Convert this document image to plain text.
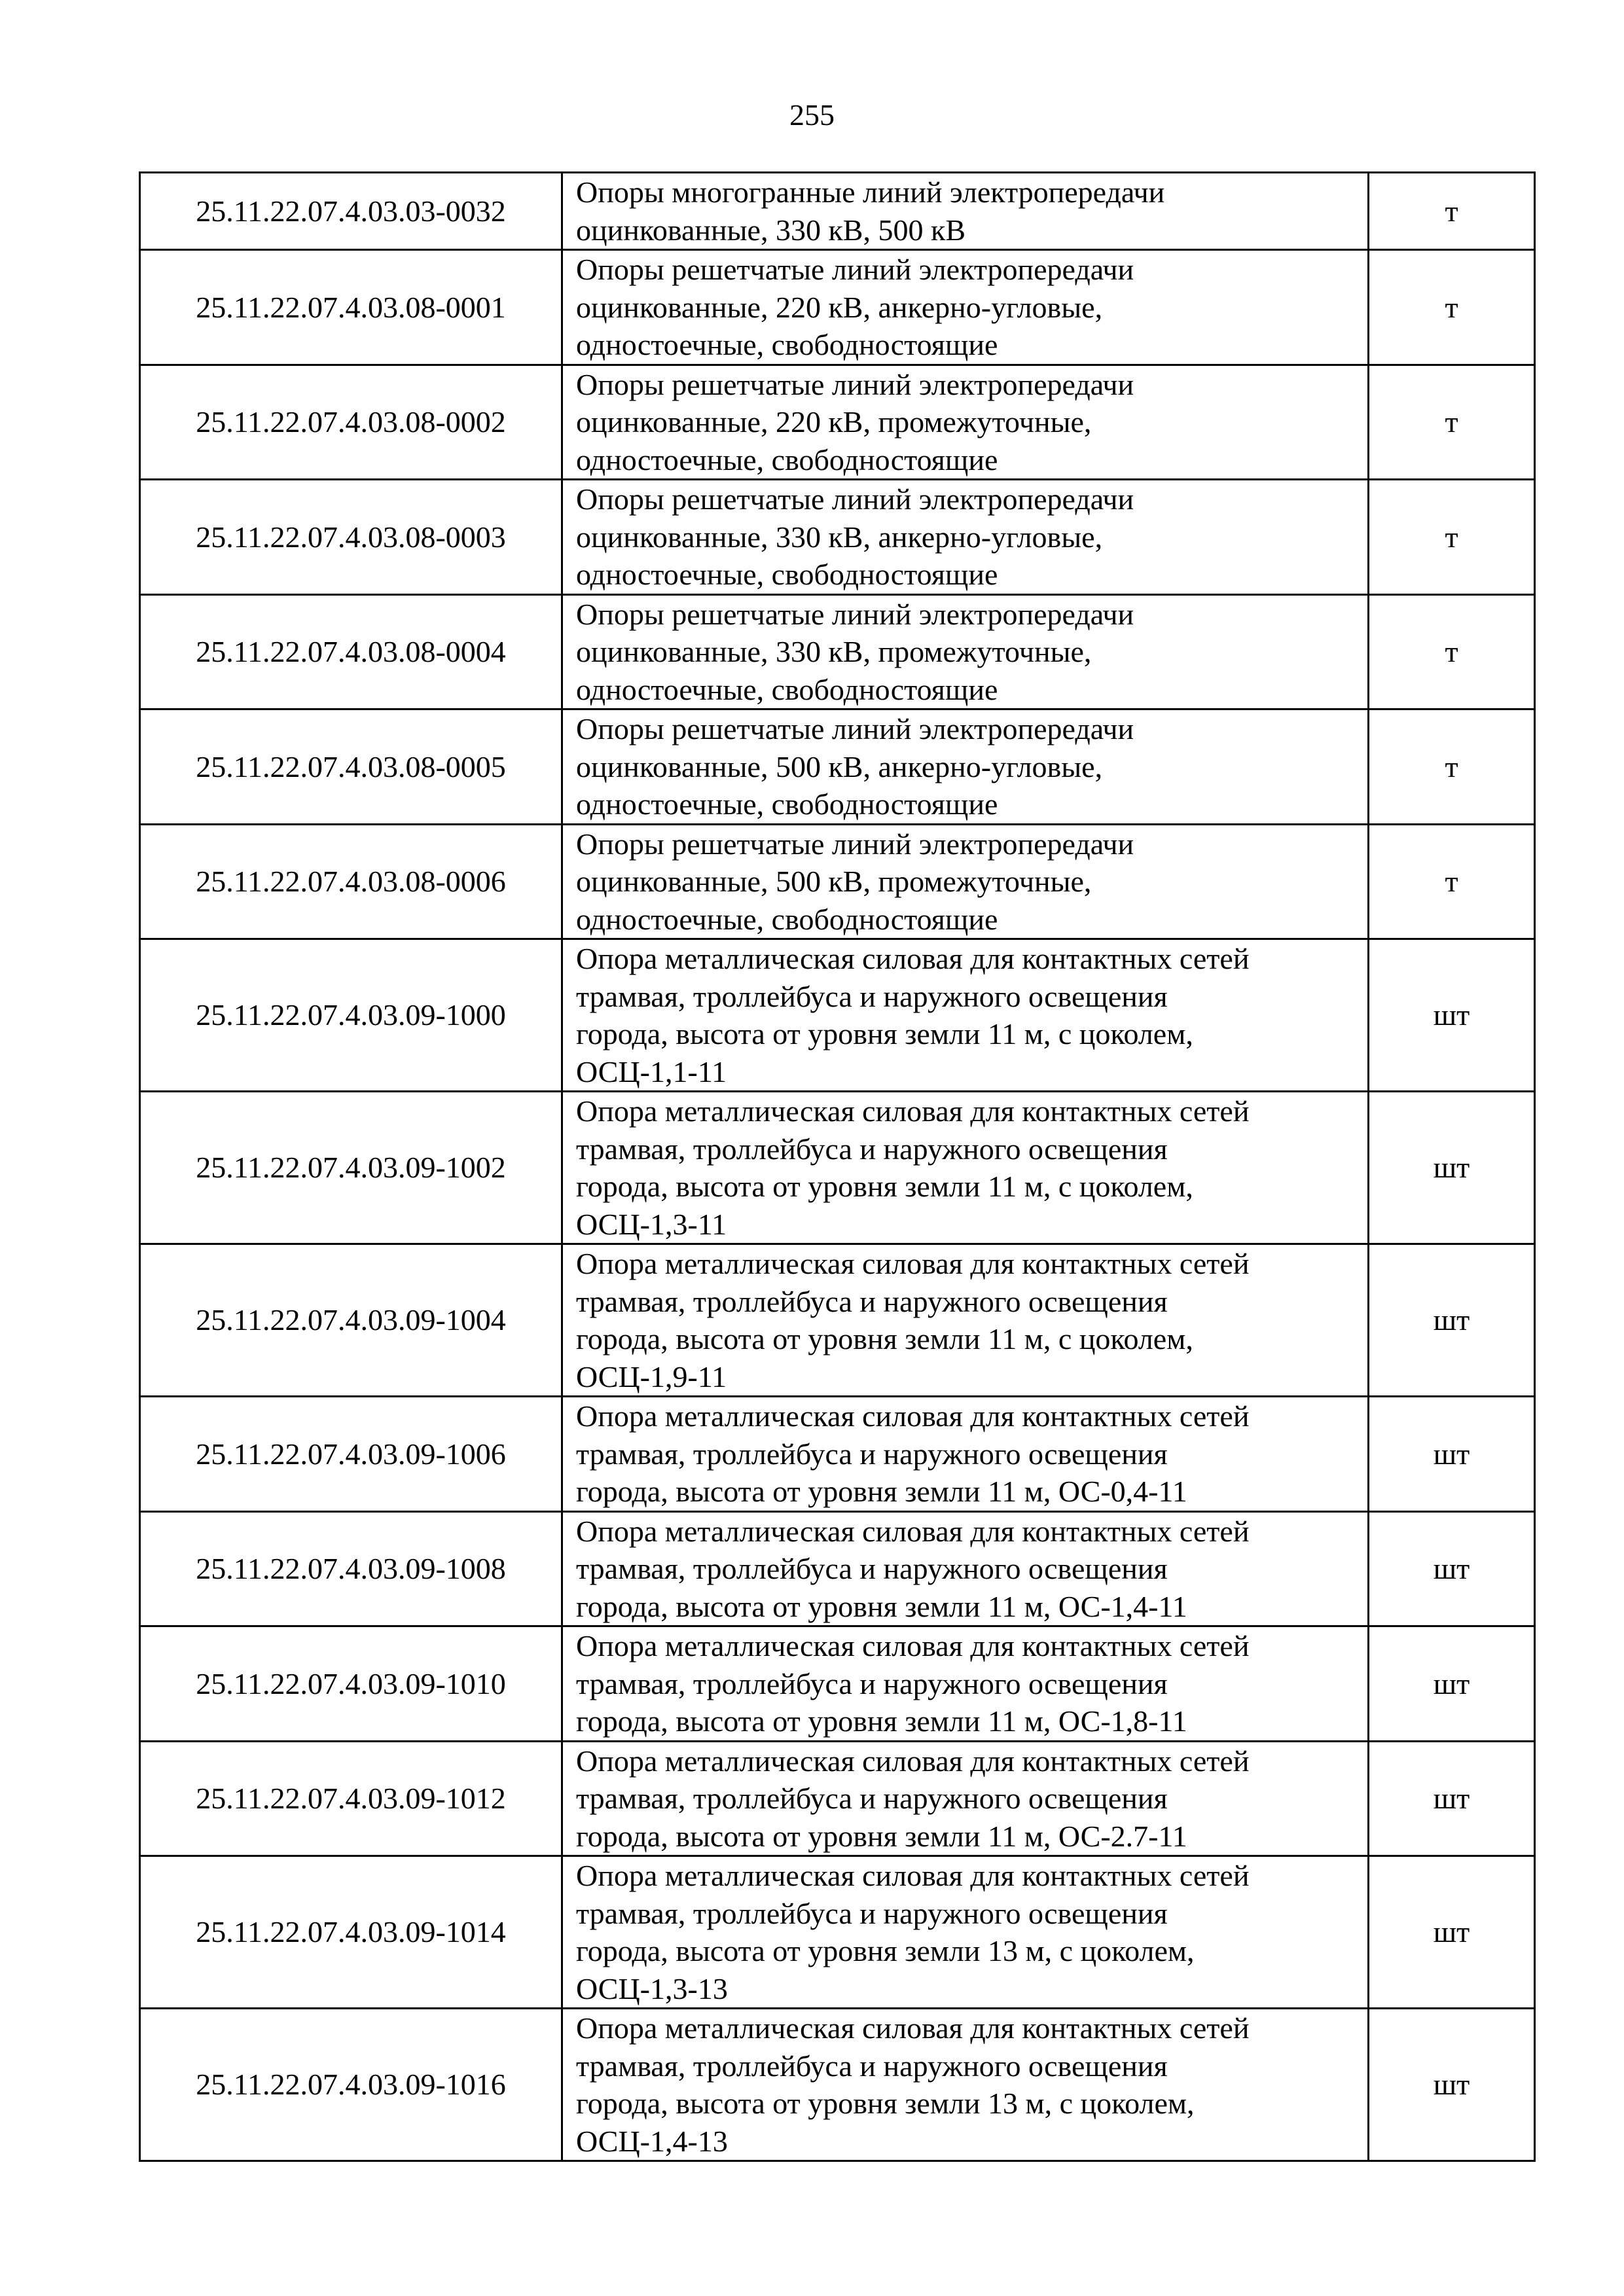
255
25.11.22.07.4.03.03-0032	Опоры многогранные линий электропередачи
оцинкованные, 330 кВ, 500 кВ	т
25.11.22.07.4.03.08-0001	Опоры решетчатые линий электропередачи
оцинкованные, 220 кВ, анкерно-угловые,
одностоечные, свободностоящие	т
25.11.22.07.4.03.08-0002	Опоры решетчатые линий электропередачи
оцинкованные, 220 кВ, промежуточные,
одностоечные, свободностоящие	т
25.11.22.07.4.03.08-0003	Опоры решетчатые линий электропередачи
оцинкованные, 330 кВ, анкерно-угловые,
одностоечные, свободностоящие	т
25.11.22.07.4.03.08-0004	Опоры решетчатые линий электропередачи
оцинкованные, 330 кВ, промежуточные,
одностоечные, свободностоящие	т
25.11.22.07.4.03.08-0005	Опоры решетчатые линий электропередачи
оцинкованные, 500 кВ, анкерно-угловые,
одностоечные, свободностоящие	т
25.11.22.07.4.03.08-0006	Опоры решетчатые линий электропередачи
оцинкованные, 500 кВ, промежуточные,
одностоечные, свободностоящие	т
25.11.22.07.4.03.09-1000	Опора металлическая силовая для контактных сетей
трамвая, троллейбуса и наружного освещения
города, высота от уровня земли 11 м, с цоколем,
ОСЦ-1,1-11	шт
25.11.22.07.4.03.09-1002	Опора металлическая силовая для контактных сетей
трамвая, троллейбуса и наружного освещения
города, высота от уровня земли 11 м, с цоколем,
ОСЦ-1,3-11	шт
25.11.22.07.4.03.09-1004	Опора металлическая силовая для контактных сетей
трамвая, троллейбуса и наружного освещения
города, высота от уровня земли 11 м, с цоколем,
ОСЦ-1,9-11	шт
25.11.22.07.4.03.09-1006	Опора металлическая силовая для контактных сетей
трамвая, троллейбуса и наружного освещения
города, высота от уровня земли 11 м, ОС-0,4-11	шт
25.11.22.07.4.03.09-1008	Опора металлическая силовая для контактных сетей
трамвая, троллейбуса и наружного освещения
города, высота от уровня земли 11 м, ОС-1,4-11	шт
25.11.22.07.4.03.09-1010	Опора металлическая силовая для контактных сетей
трамвая, троллейбуса и наружного освещения
города, высота от уровня земли 11 м, ОС-1,8-11	шт
25.11.22.07.4.03.09-1012	Опора металлическая силовая для контактных сетей
трамвая, троллейбуса и наружного освещения
города, высота от уровня земли 11 м, ОС-2.7-11	шт
25.11.22.07.4.03.09-1014	Опора металлическая силовая для контактных сетей
трамвая, троллейбуса и наружного освещения
города, высота от уровня земли 13 м, с цоколем,
ОСЦ-1,3-13	шт
25.11.22.07.4.03.09-1016	Опора металлическая силовая для контактных сетей
трамвая, троллейбуса и наружного освещения
города, высота от уровня земли 13 м, с цоколем,
ОСЦ-1,4-13	шт
